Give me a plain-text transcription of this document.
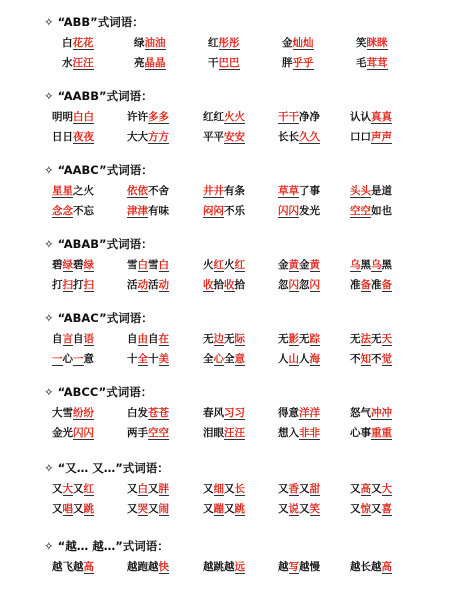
✧ “ABB”式词语：
白花花	绿油油	红彤彤	金灿灿	笑眯眯
水汪汪	亮晶晶	干巴巴	胖乎乎	毛茸茸
✧ “AABB”式词语：
明明白白	许许多多	红红火火	干干净净	认认真真
日日夜夜	大大方方	平平安安	长长久久	口口声声
✧ “AABC”式词语：
星星之火	依依不舍	井井有条	草草了事	头头是道
念念不忘	津津有味	闷闷不乐	闪闪发光	空空如也
✧ “ABAB”式词语：
碧绿碧绿	雪白雪白	火红火红	金黄金黄	乌黑乌黑
打扫打扫	活动活动	收拾收拾	忽闪忽闪	准备准备
✧ “ABAC”式词语：
自言自语	自由自在	无边无际	无影无踪	无法无天
一心一意	十全十美	全心全意	人山人海	不知不觉
✧ “ABCC”式词语：
大雪纷纷	白发苍苍	春风习习	得意洋洋	怒气冲冲
金光闪闪	两手空空	泪眼汪汪	想入非非	心事重重
✧ “又… 又…”式词语：
又大又红	又白又胖	又细又长	又香又甜	又高又大
又唱又跳	又哭又闹	又蹦又跳	又说又笑	又惊又喜
✧ “越… 越…”式词语：
越飞越高	越跑越快	越跳越远	越写越慢	越长越高
